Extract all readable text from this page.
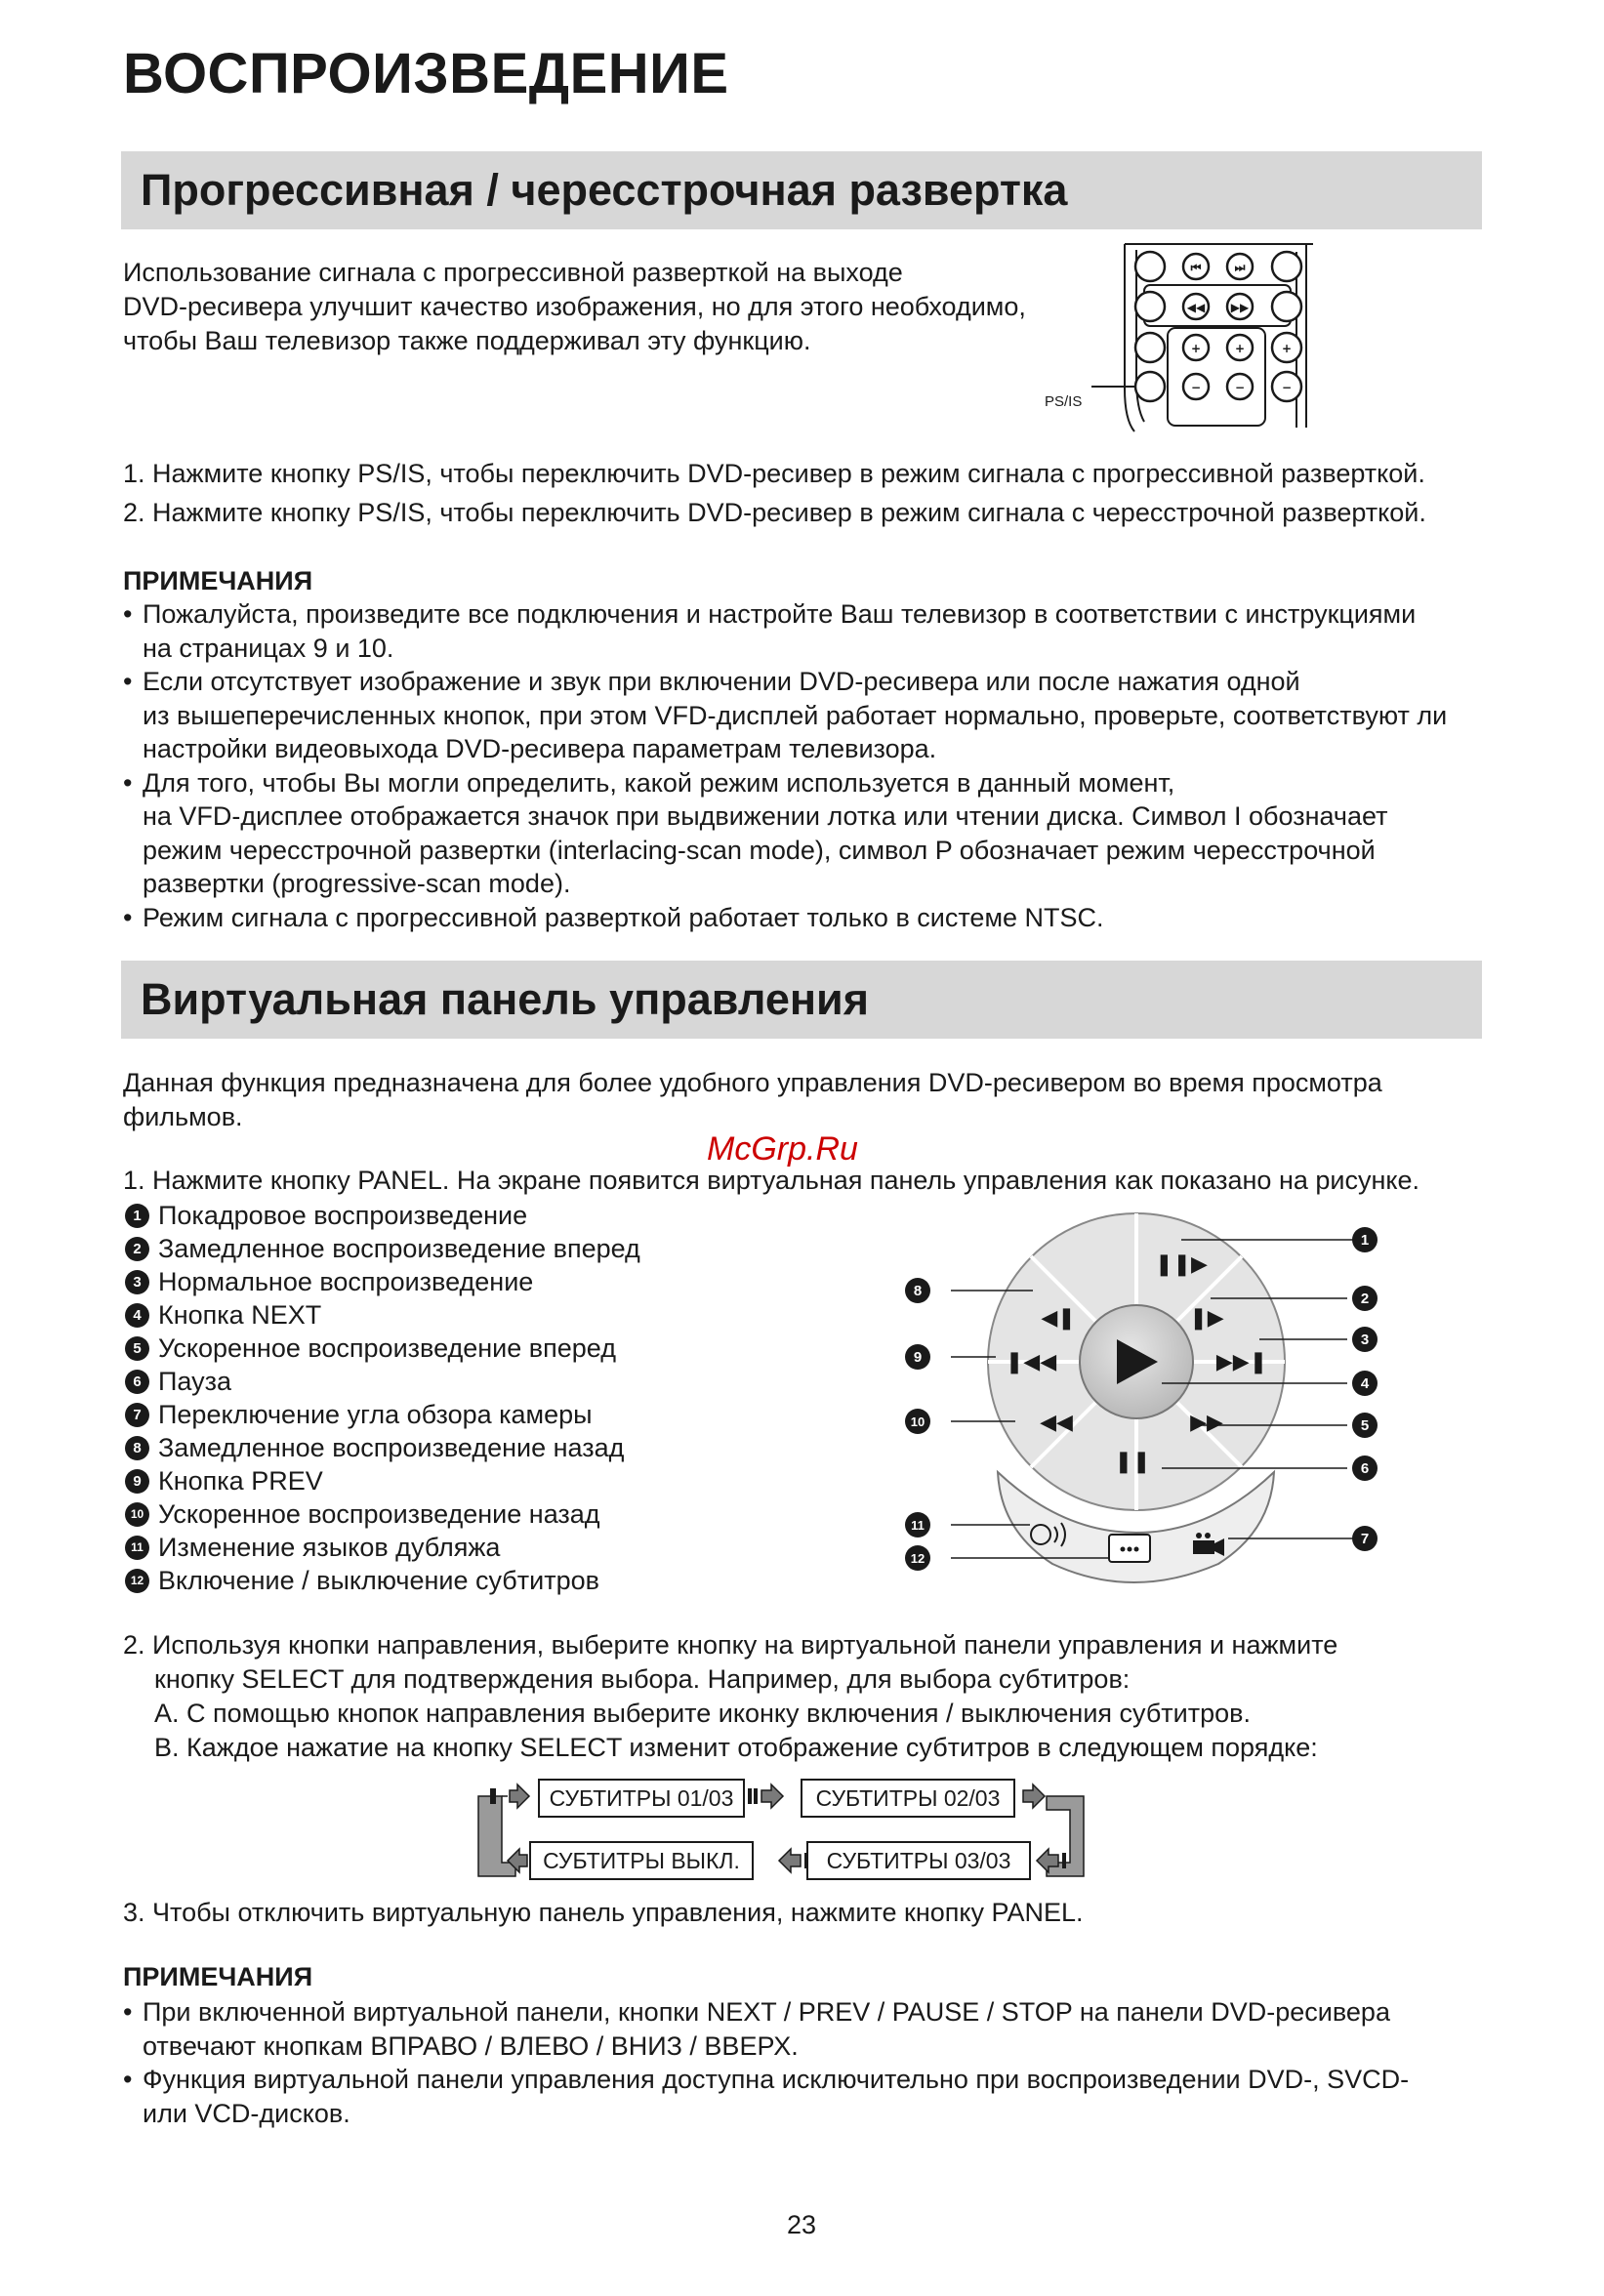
ВОСПРОИЗВЕДЕНИЕ
Прогрессивная / чересстрочная развертка
Использование сигнала с прогрессивной разверткой на выходе
DVD-ресивера улучшит качество изображения, но для этого необходимо,
чтобы Ваш телевизор также поддерживал эту функцию.
⏮	⏭
◀◀ ▶▶
+	+	+
−	−	−
PS/IS
1. Нажмите кнопку PS/IS, чтобы переключить DVD-ресивер в режим сигнала с прогрессивной разверткой.
2. Нажмите кнопку PS/IS, чтобы переключить DVD-ресивер в режим сигнала с чересстрочной разверткой.
ПРИМЕЧАНИЯ
• Пожалуйста, произведите все подключения и настройте Ваш телевизор в соответствии с инструкциями
на страницах 9 и 10.
• Если отсутствует изображение и звук при включении DVD-ресивера или после нажатия одной
из вышеперечисленных кнопок, при этом VFD-дисплей работает нормально, проверьте, соответствуют ли
настройки видеовыхода DVD-ресивера параметрам телевизора.
• Для того, чтобы Вы могли определить, какой режим используется в данный момент,
на VFD-дисплее отображается значок при выдвижении лотка или чтении диска. Символ I обозначает
режим чересстрочной развертки (interlacing-scan mode), символ P обозначает режим чересстрочной
развертки (progressive-scan mode).
• Режим сигнала с прогрессивной разверткой работает только в системе NTSC.
Виртуальная панель управления
Данная функция предназначена для более удобного управления DVD-ресивером во время просмотра
фильмов.
McGrp.Ru
1. Нажмите кнопку PANEL. На экране появится виртуальная панель управления как показано на рисунке.
1 Покадровое воспроизведение
2 Замедленное воспроизведение вперед
3 Нормальное воспроизведение
4 Кнопка NEXT
5 Ускоренное воспроизведение вперед
6 Пауза
7 Переключение угла обзора камеры
8 Замедленное воспроизведение назад
9 Кнопка PREV
10 Ускоренное воспроизведение назад
11 Изменение языков дубляжа
12 Включение / выключение субтитров
❚❚▶
❚▶
▶▶❚
▶▶
❚❚
◀◀
❚◀◀
◀❚
1
2
3
4
5
6
7
8
9
10
11
12
2. Используя кнопки направления, выберите кнопку на виртуальной панели управления и нажмите
кнопку SELECT для подтверждения выбора. Например, для выбора субтитров:
A. С помощью кнопок направления выберите иконку включения / выключения субтитров.
B. Каждое нажатие на кнопку SELECT изменит отображение субтитров в следующем порядке:
СУБТИТРЫ 01/03	СУБТИТРЫ 02/03
СУБТИТРЫ ВЫКЛ.	СУБТИТРЫ 03/03
3. Чтобы отключить виртуальную панель управления, нажмите кнопку PANEL.
ПРИМЕЧАНИЯ
• При включенной виртуальной панели, кнопки NEXT / PREV / PAUSE / STOP на панели DVD-ресивера
отвечают кнопкам ВПРАВО / ВЛЕВО / ВНИЗ / ВВЕРХ.
• Функция виртуальной панели управления доступна исключительно при воспроизведении DVD-, SVCD-
или VCD-дисков.
23
